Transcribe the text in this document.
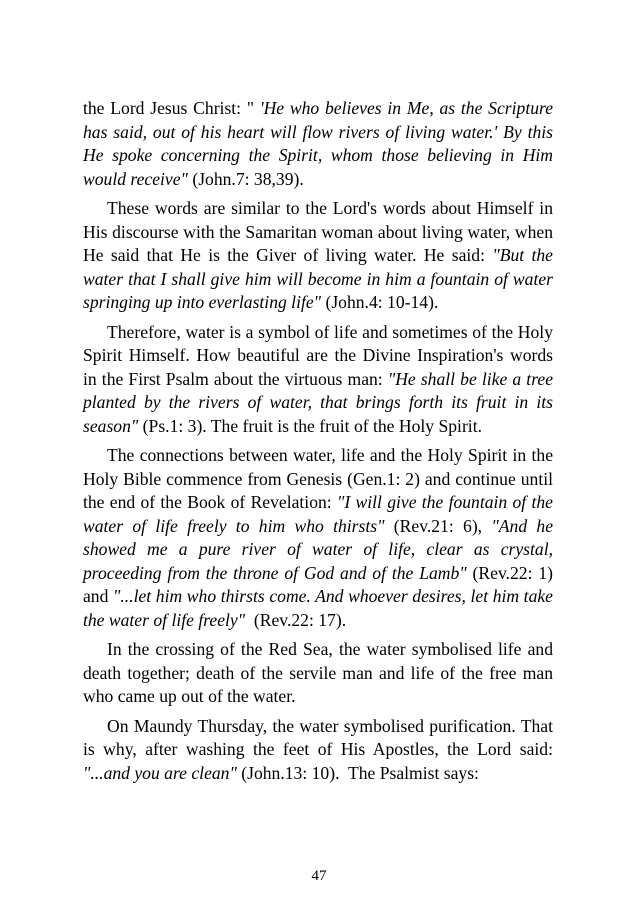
the Lord Jesus Christ: " 'He who believes in Me, as the Scripture has said, out of his heart will flow rivers of living water.' By this He spoke concerning the Spirit, whom those believing in Him would receive" (John.7: 38,39).

These words are similar to the Lord's words about Himself in His discourse with the Samaritan woman about living water, when He said that He is the Giver of living water. He said: "But the water that I shall give him will become in him a fountain of water springing up into everlasting life" (John.4: 10-14).

Therefore, water is a symbol of life and sometimes of the Holy Spirit Himself. How beautiful are the Divine Inspiration's words in the First Psalm about the virtuous man: "He shall be like a tree planted by the rivers of water, that brings forth its fruit in its season" (Ps.1: 3). The fruit is the fruit of the Holy Spirit.

The connections between water, life and the Holy Spirit in the Holy Bible commence from Genesis (Gen.1: 2) and continue until the end of the Book of Revelation: "I will give the fountain of the water of life freely to him who thirsts" (Rev.21: 6), "And he showed me a pure river of water of life, clear as crystal, proceeding from the throne of God and of the Lamb" (Rev.22: 1) and "...let him who thirsts come. And whoever desires, let him take the water of life freely"  (Rev.22: 17).

In the crossing of the Red Sea, the water symbolised life and death together; death of the servile man and life of the free man who came up out of the water.

On Maundy Thursday, the water symbolised purification. That is why, after washing the feet of His Apostles, the Lord said: "...and you are clean" (John.13: 10).  The Psalmist says:

47
